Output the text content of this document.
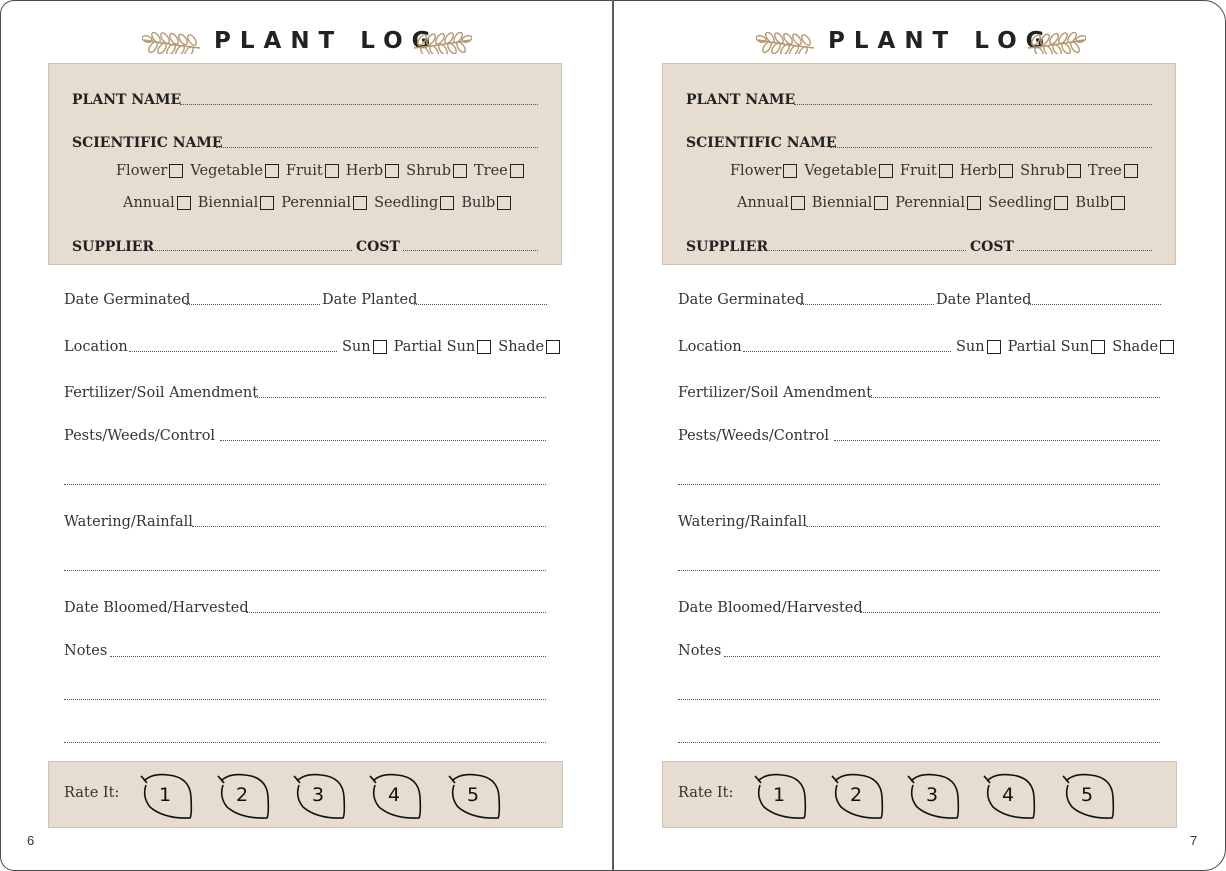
PLANT LOG
PLANT NAME
SCIENTIFIC NAME
Flower Vegetable Fruit Herb Shrub Tree
Annual Biennial Perennial Seedling Bulb
SUPPLIER	COST
Date Germinated	Date Planted
Location	Sun Partial Sun Shade
Fertilizer/Soil Amendment
Pests/Weeds/Control
Watering/Rainfall
Date Bloomed/Harvested
Notes
Rate It:	1	2	3	4	5
6
PLANT LOG
PLANT NAME
SCIENTIFIC NAME
Flower Vegetable Fruit Herb Shrub Tree
Annual Biennial Perennial Seedling Bulb
SUPPLIER	COST
Date Germinated	Date Planted
Location	Sun Partial Sun Shade
Fertilizer/Soil Amendment
Pests/Weeds/Control
Watering/Rainfall
Date Bloomed/Harvested
Notes
Rate It:	1	2	3	4	5
7
